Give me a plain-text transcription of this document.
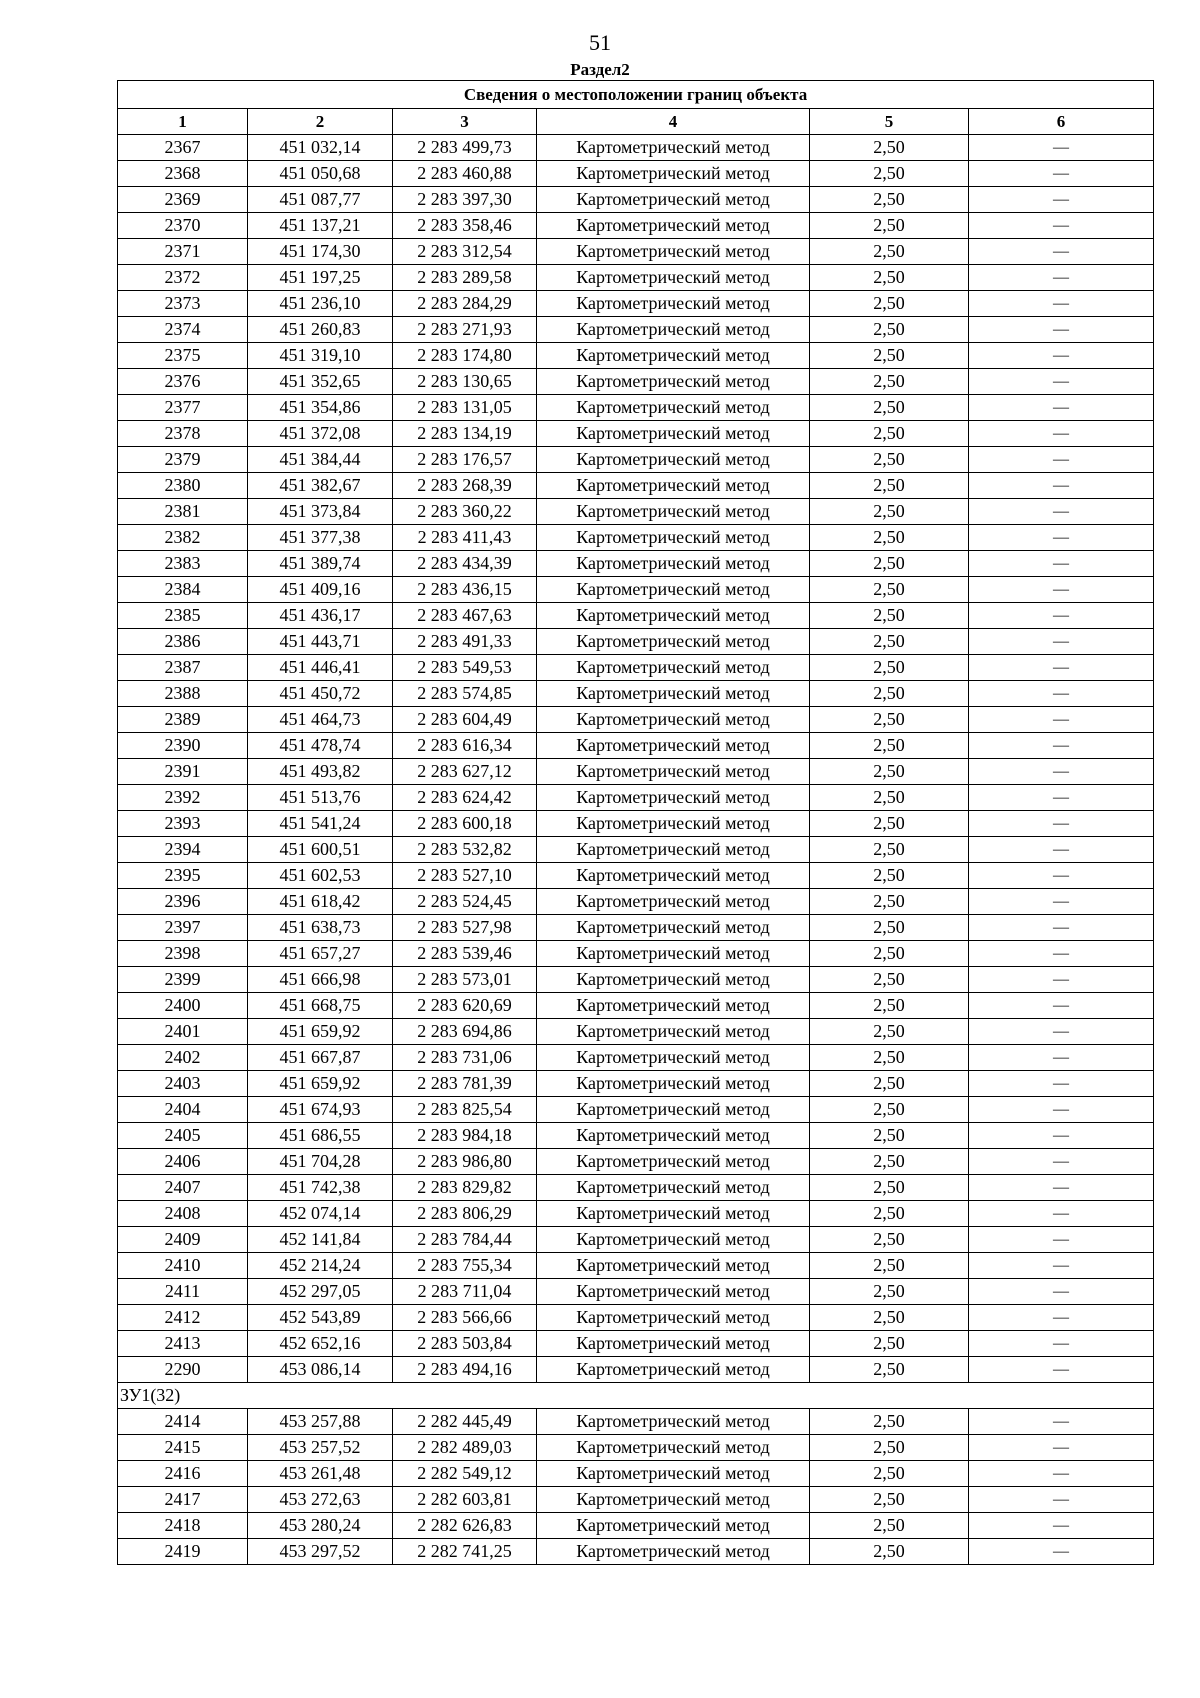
51
Раздел2
Сведения о местоположении границ объекта					
1	2	3	4	5	6
2367	451 032,14	2 283 499,73	Картометрический метод	2,50	—
2368	451 050,68	2 283 460,88	Картометрический метод	2,50	—
2369	451 087,77	2 283 397,30	Картометрический метод	2,50	—
2370	451 137,21	2 283 358,46	Картометрический метод	2,50	—
2371	451 174,30	2 283 312,54	Картометрический метод	2,50	—
2372	451 197,25	2 283 289,58	Картометрический метод	2,50	—
2373	451 236,10	2 283 284,29	Картометрический метод	2,50	—
2374	451 260,83	2 283 271,93	Картометрический метод	2,50	—
2375	451 319,10	2 283 174,80	Картометрический метод	2,50	—
2376	451 352,65	2 283 130,65	Картометрический метод	2,50	—
2377	451 354,86	2 283 131,05	Картометрический метод	2,50	—
2378	451 372,08	2 283 134,19	Картометрический метод	2,50	—
2379	451 384,44	2 283 176,57	Картометрический метод	2,50	—
2380	451 382,67	2 283 268,39	Картометрический метод	2,50	—
2381	451 373,84	2 283 360,22	Картометрический метод	2,50	—
2382	451 377,38	2 283 411,43	Картометрический метод	2,50	—
2383	451 389,74	2 283 434,39	Картометрический метод	2,50	—
2384	451 409,16	2 283 436,15	Картометрический метод	2,50	—
2385	451 436,17	2 283 467,63	Картометрический метод	2,50	—
2386	451 443,71	2 283 491,33	Картометрический метод	2,50	—
2387	451 446,41	2 283 549,53	Картометрический метод	2,50	—
2388	451 450,72	2 283 574,85	Картометрический метод	2,50	—
2389	451 464,73	2 283 604,49	Картометрический метод	2,50	—
2390	451 478,74	2 283 616,34	Картометрический метод	2,50	—
2391	451 493,82	2 283 627,12	Картометрический метод	2,50	—
2392	451 513,76	2 283 624,42	Картометрический метод	2,50	—
2393	451 541,24	2 283 600,18	Картометрический метод	2,50	—
2394	451 600,51	2 283 532,82	Картометрический метод	2,50	—
2395	451 602,53	2 283 527,10	Картометрический метод	2,50	—
2396	451 618,42	2 283 524,45	Картометрический метод	2,50	—
2397	451 638,73	2 283 527,98	Картометрический метод	2,50	—
2398	451 657,27	2 283 539,46	Картометрический метод	2,50	—
2399	451 666,98	2 283 573,01	Картометрический метод	2,50	—
2400	451 668,75	2 283 620,69	Картометрический метод	2,50	—
2401	451 659,92	2 283 694,86	Картометрический метод	2,50	—
2402	451 667,87	2 283 731,06	Картометрический метод	2,50	—
2403	451 659,92	2 283 781,39	Картометрический метод	2,50	—
2404	451 674,93	2 283 825,54	Картометрический метод	2,50	—
2405	451 686,55	2 283 984,18	Картометрический метод	2,50	—
2406	451 704,28	2 283 986,80	Картометрический метод	2,50	—
2407	451 742,38	2 283 829,82	Картометрический метод	2,50	—
2408	452 074,14	2 283 806,29	Картометрический метод	2,50	—
2409	452 141,84	2 283 784,44	Картометрический метод	2,50	—
2410	452 214,24	2 283 755,34	Картометрический метод	2,50	—
2411	452 297,05	2 283 711,04	Картометрический метод	2,50	—
2412	452 543,89	2 283 566,66	Картометрический метод	2,50	—
2413	452 652,16	2 283 503,84	Картометрический метод	2,50	—
2290	453 086,14	2 283 494,16	Картометрический метод	2,50	—
ЗУ1(32)					
2414	453 257,88	2 282 445,49	Картометрический метод	2,50	—
2415	453 257,52	2 282 489,03	Картометрический метод	2,50	—
2416	453 261,48	2 282 549,12	Картометрический метод	2,50	—
2417	453 272,63	2 282 603,81	Картометрический метод	2,50	—
2418	453 280,24	2 282 626,83	Картометрический метод	2,50	—
2419	453 297,52	2 282 741,25	Картометрический метод	2,50	—
